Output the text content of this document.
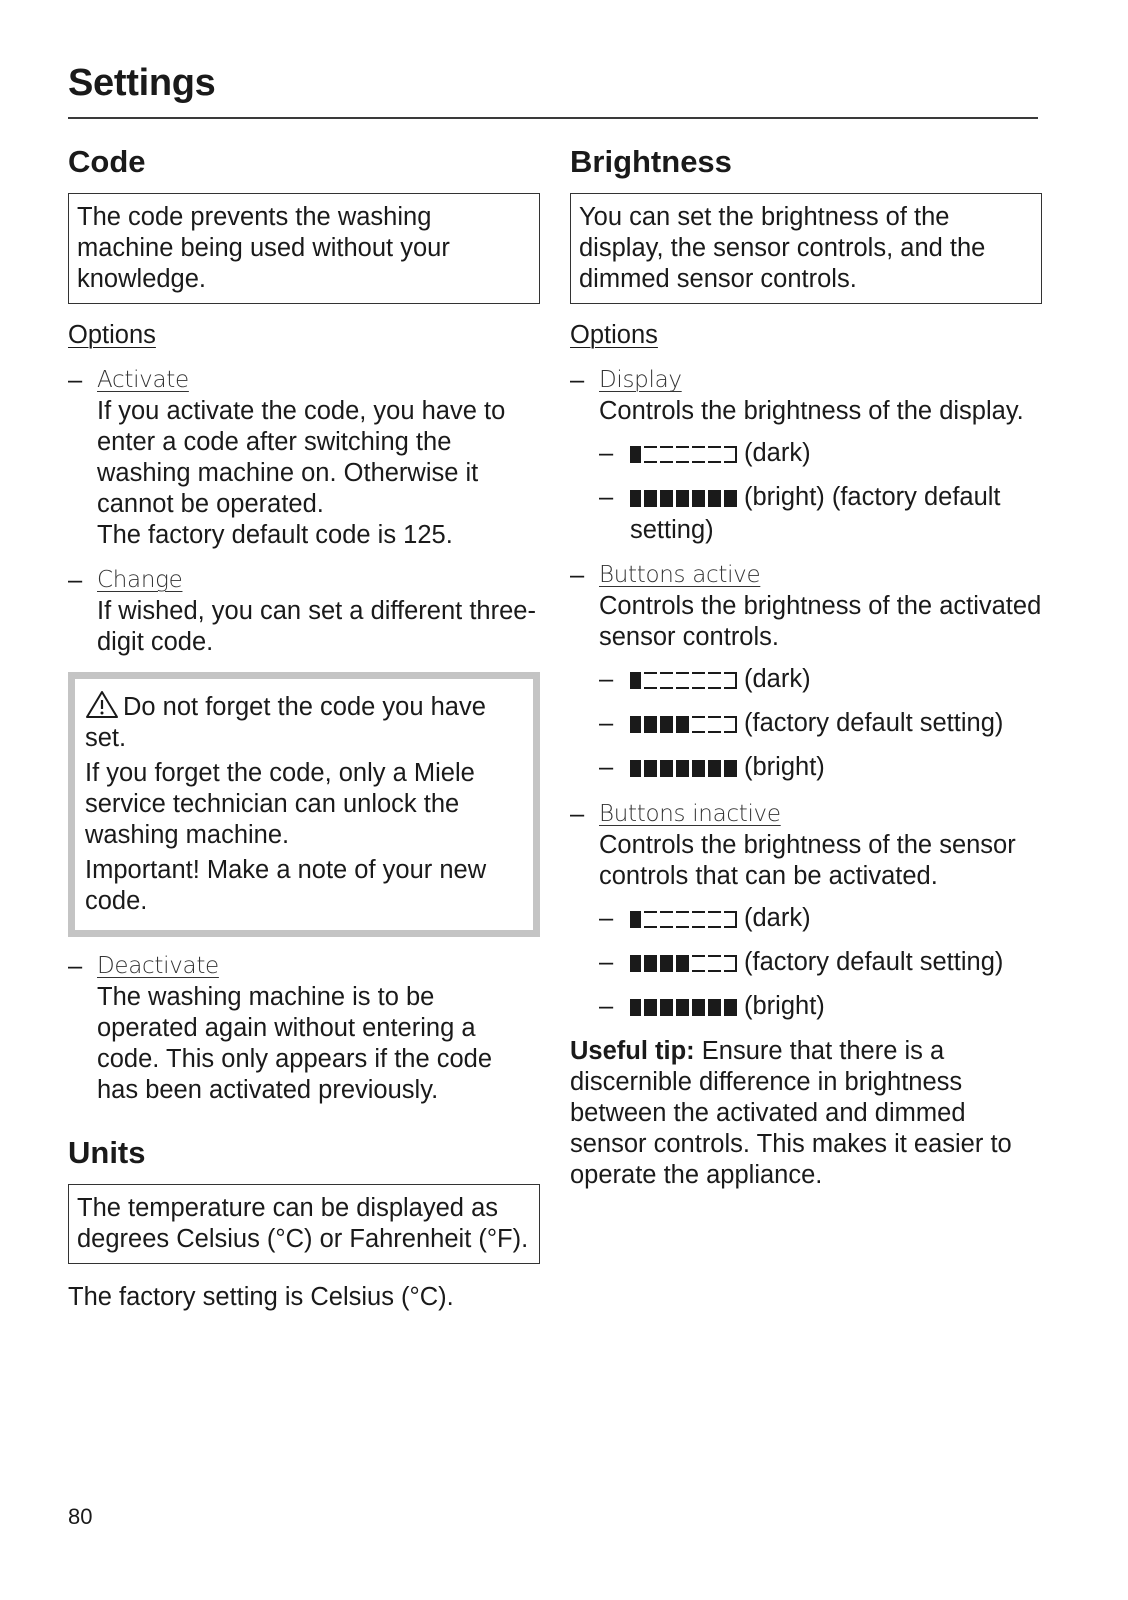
Settings
Code
The code prevents the washing machine being used without your knowledge.
Options
– Activate
If you activate the code, you have to enter a code after switching the washing machine on. Otherwise it cannot be operated.
The factory default code is 125.
– Change
If wished, you can set a different three-digit code.

Do not forget the code you have set.

If you forget the code, only a Miele service technician can unlock the washing machine.

Important! Make a note of your new code.

– Deactivate
The washing machine is to be operated again without entering a code. This only appears if the code has been activated previously.
Units
The temperature can be displayed as degrees Celsius (°C) or Fahrenheit (°F).
The factory setting is Celsius (°C).
Brightness
You can set the brightness of the display, the sensor controls, and the dimmed sensor controls.
Options
– Display
Controls the brightness of the display.
–	(dark)
–	(bright) (factory default setting)
– Buttons active
Controls the brightness of the activated sensor controls.
–	(dark)
–	(factory default setting)
–	(bright)
– Buttons inactive
Controls the brightness of the sensor controls that can be activated.
–	(dark)
–	(factory default setting)
–	(bright)
Useful tip: Ensure that there is a discernible difference in brightness between the activated and dimmed sensor controls. This makes it easier to operate the appliance.
80
